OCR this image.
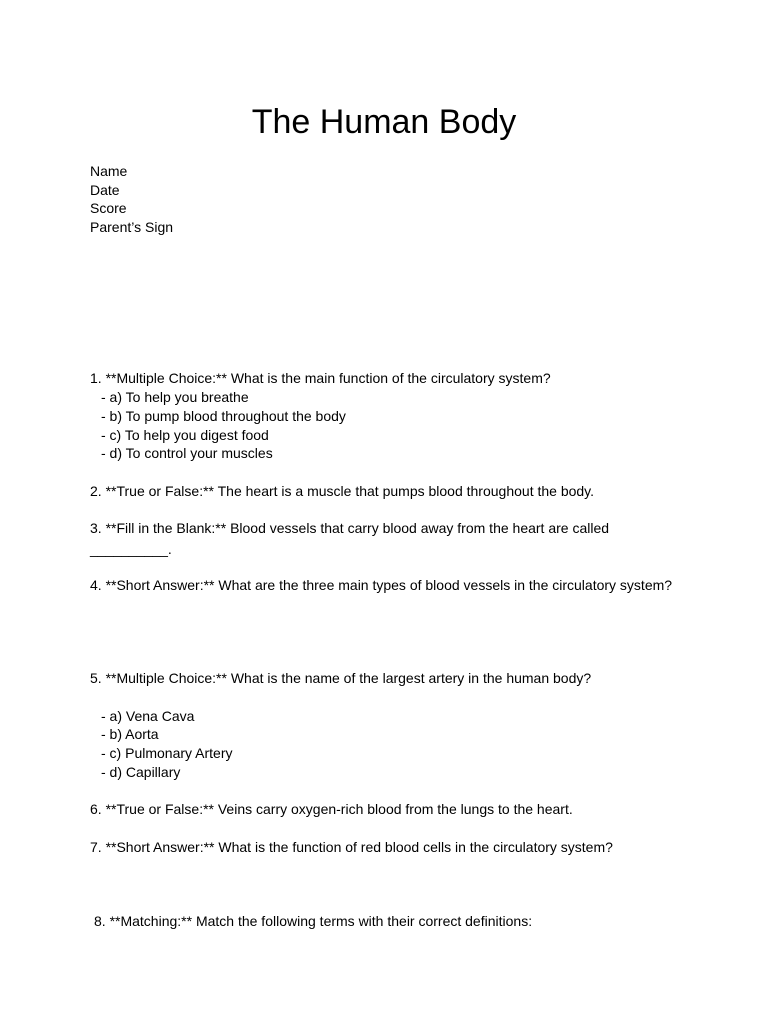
The Human Body
Name
Date
Score
Parent’s Sign
1. **Multiple Choice:** What is the main function of the circulatory system?
- a) To help you breathe
- b) To pump blood throughout the body
- c) To help you digest food
- d) To control your muscles
2. **True or False:** The heart is a muscle that pumps blood throughout the body.
3. **Fill in the Blank:** Blood vessels that carry blood away from the heart are called
__________.
4. **Short Answer:** What are the three main types of blood vessels in the circulatory system?
5. **Multiple Choice:** What is the name of the largest artery in the human body?
- a) Vena Cava
- b) Aorta
- c) Pulmonary Artery
- d) Capillary
6. **True or False:** Veins carry oxygen-rich blood from the lungs to the heart.
7. **Short Answer:** What is the function of red blood cells in the circulatory system?
8. **Matching:** Match the following terms with their correct definitions:
